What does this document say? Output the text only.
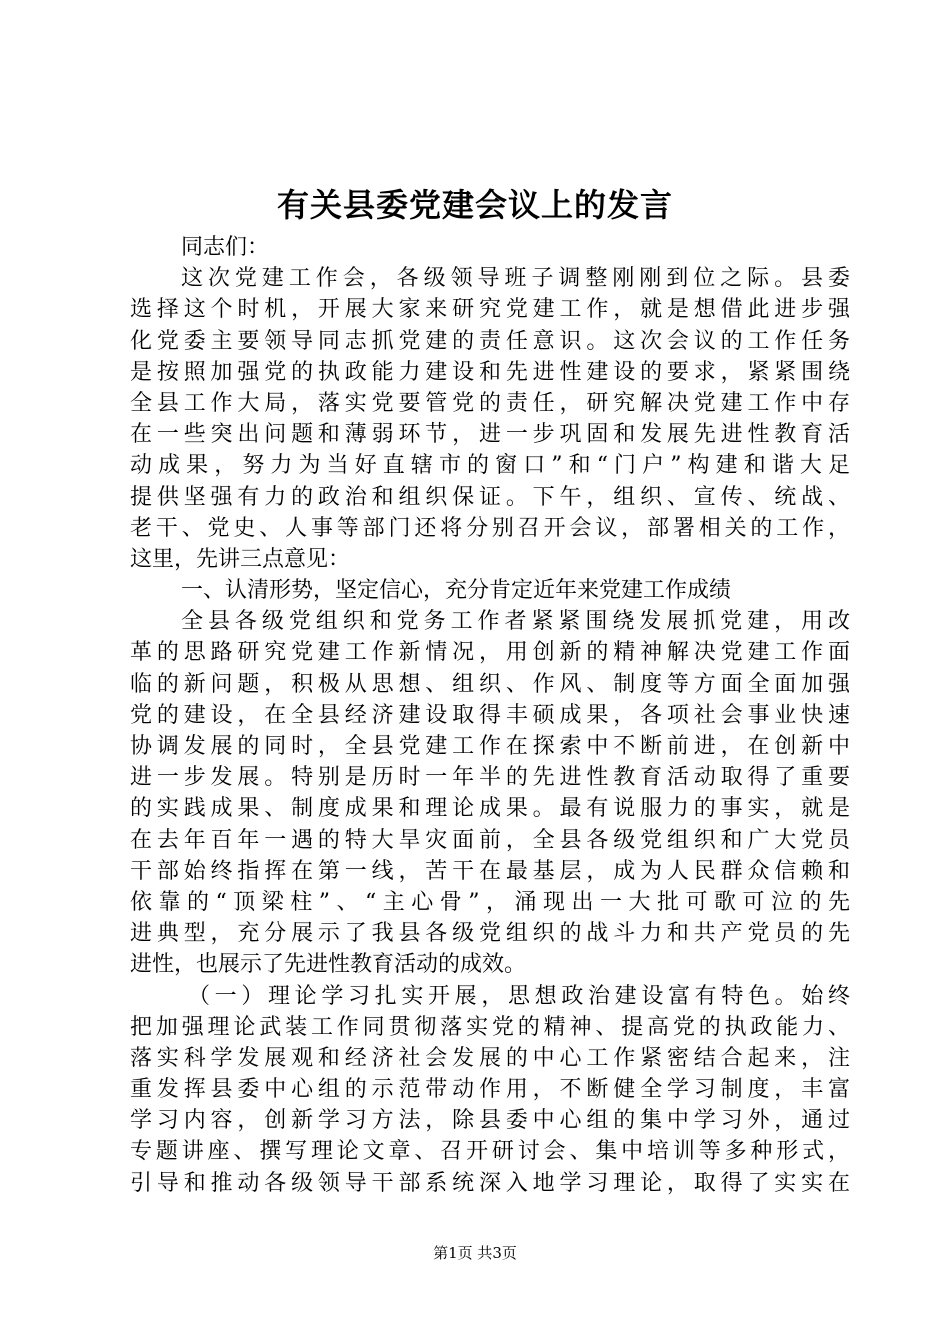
有关县委党建会议上的发言
同志们：
这次党建工作会，各级领导班子调整刚刚到位之际。县委
选择这个时机，开展大家来研究党建工作，就是想借此进步强
化党委主要领导同志抓党建的责任意识。这次会议的工作任务
是按照加强党的执政能力建设和先进性建设的要求，紧紧围绕
全县工作大局，落实党要管党的责任，研究解决党建工作中存
在一些突出问题和薄弱环节，进一步巩固和发展先进性教育活
动成果，努力为当好直辖市的窗口”和“门户”构建和谐大足
提供坚强有力的政治和组织保证。下午，组织、宣传、统战、
老干、党史、人事等部门还将分别召开会议，部署相关的工作，
这里，先讲三点意见：
一、认清形势，坚定信心，充分肯定近年来党建工作成绩
全县各级党组织和党务工作者紧紧围绕发展抓党建，用改
革的思路研究党建工作新情况，用创新的精神解决党建工作面
临的新问题，积极从思想、组织、作风、制度等方面全面加强
党的建设，在全县经济建设取得丰硕成果，各项社会事业快速
协调发展的同时，全县党建工作在探索中不断前进，在创新中
进一步发展。特别是历时一年半的先进性教育活动取得了重要
的实践成果、制度成果和理论成果。最有说服力的事实，就是
在去年百年一遇的特大旱灾面前，全县各级党组织和广大党员
干部始终指挥在第一线，苦干在最基层，成为人民群众信赖和
依靠的“顶梁柱”、“主心骨”，涌现出一大批可歌可泣的先
进典型，充分展示了我县各级党组织的战斗力和共产党员的先
进性，也展示了先进性教育活动的成效。
（一）理论学习扎实开展，思想政治建设富有特色。始终
把加强理论武装工作同贯彻落实党的精神、提高党的执政能力、
落实科学发展观和经济社会发展的中心工作紧密结合起来，注
重发挥县委中心组的示范带动作用，不断健全学习制度，丰富
学习内容，创新学习方法，除县委中心组的集中学习外，通过
专题讲座、撰写理论文章、召开研讨会、集中培训等多种形式，
引导和推动各级领导干部系统深入地学习理论，取得了实实在
第1页 共3页
